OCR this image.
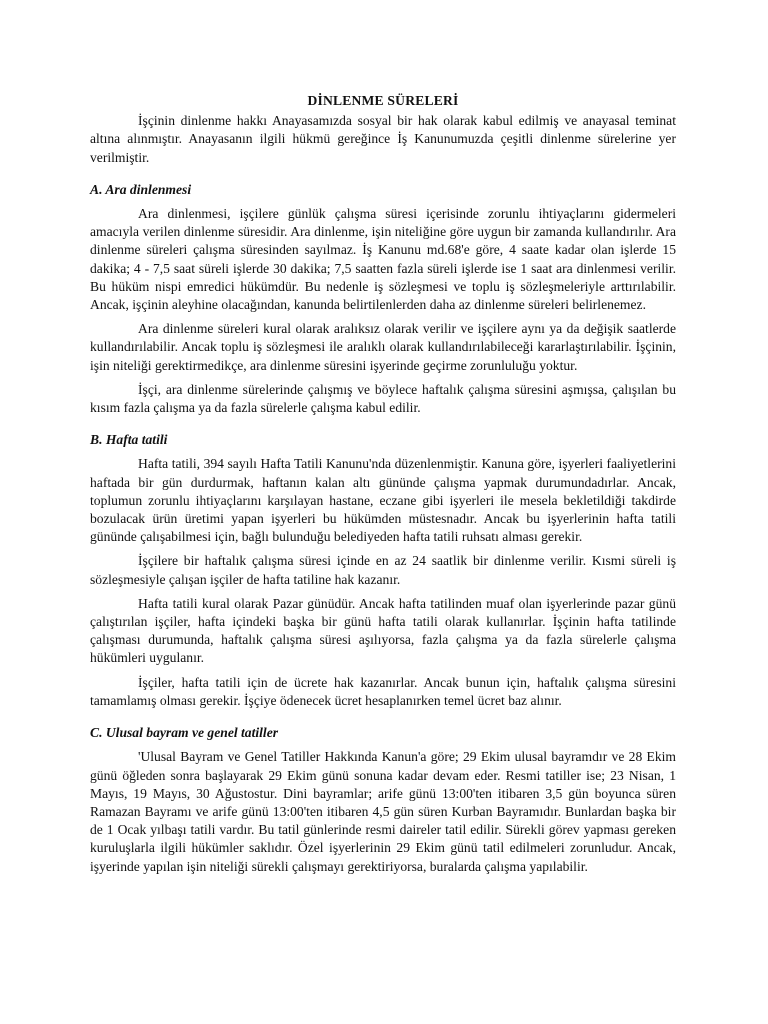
DİNLENME SÜRELERİ

İşçinin dinlenme hakkı Anayasamızda sosyal bir hak olarak kabul edilmiş ve anayasal teminat altına alınmıştır. Anayasanın ilgili hükmü gereğince İş Kanunumuzda çeşitli dinlenme sürelerine yer verilmiştir.

A. Ara dinlenmesi

Ara dinlenmesi, işçilere günlük çalışma süresi içerisinde zorunlu ihtiyaçlarını gidermeleri amacıyla verilen dinlenme süresidir. Ara dinlenme, işin niteliğine göre uygun bir zamanda kullandırılır. Ara dinlenme süreleri çalışma süresinden sayılmaz. İş Kanunu md.68'e göre, 4 saate kadar olan işlerde 15 dakika; 4 - 7,5 saat süreli işlerde 30 dakika; 7,5 saatten fazla süreli işlerde ise 1 saat ara dinlenmesi verilir. Bu hüküm nispi emredici hükümdür. Bu nedenle iş sözleşmesi ve toplu iş sözleşmeleriyle arttırılabilir. Ancak, işçinin aleyhine olacağından, kanunda belirtilenlerden daha az dinlenme süreleri belirlenemez.

Ara dinlenme süreleri kural olarak aralıksız olarak verilir ve işçilere aynı ya da değişik saatlerde kullandırılabilir. Ancak toplu iş sözleşmesi ile aralıklı olarak kullandırılabileceği kararlaştırılabilir. İşçinin, işin niteliği gerektirmedikçe, ara dinlenme süresini işyerinde geçirme zorunluluğu yoktur.

İşçi, ara dinlenme sürelerinde çalışmış ve böylece haftalık çalışma süresini aşmışsa, çalışılan bu kısım fazla çalışma ya da fazla sürelerle çalışma kabul edilir.

B. Hafta tatili

Hafta tatili, 394 sayılı Hafta Tatili Kanunu'nda düzenlenmiştir. Kanuna göre, işyerleri faaliyetlerini haftada bir gün durdurmak, haftanın kalan altı gününde çalışma yapmak durumundadırlar. Ancak, toplumun zorunlu ihtiyaçlarını karşılayan hastane, eczane gibi işyerleri ile mesela bekletildiği takdirde bozulacak ürün üretimi yapan işyerleri bu hükümden müstesnadır. Ancak bu işyerlerinin hafta tatili gününde çalışabilmesi için, bağlı bulunduğu belediyeden hafta tatili ruhsatı alması gerekir.

İşçilere bir haftalık çalışma süresi içinde en az 24 saatlik bir dinlenme verilir. Kısmi süreli iş sözleşmesiyle çalışan işçiler de hafta tatiline hak kazanır.

Hafta tatili kural olarak Pazar günüdür. Ancak hafta tatilinden muaf olan işyerlerinde pazar günü çalıştırılan işçiler, hafta içindeki başka bir günü hafta tatili olarak kullanırlar. İşçinin hafta tatilinde çalışması durumunda, haftalık çalışma süresi aşılıyorsa, fazla çalışma ya da fazla sürelerle çalışma hükümleri uygulanır.

İşçiler, hafta tatili için de ücrete hak kazanırlar. Ancak bunun için, haftalık çalışma süresini tamamlamış olması gerekir. İşçiye ödenecek ücret hesaplanırken temel ücret baz alınır.

C. Ulusal bayram ve genel tatiller

'Ulusal Bayram ve Genel Tatiller Hakkında Kanun'a göre; 29 Ekim ulusal bayramdır ve 28 Ekim günü öğleden sonra başlayarak 29 Ekim günü sonuna kadar devam eder. Resmi tatiller ise; 23 Nisan, 1 Mayıs, 19 Mayıs, 30 Ağustostur. Dini bayramlar; arife günü 13:00'ten itibaren 3,5 gün boyunca süren Ramazan Bayramı ve arife günü 13:00'ten itibaren 4,5 gün süren Kurban Bayramıdır. Bunlardan başka bir de 1 Ocak yılbaşı tatili vardır. Bu tatil günlerinde resmi daireler tatil edilir. Sürekli görev yapması gereken kuruluşlarla ilgili hükümler saklıdır. Özel işyerlerinin 29 Ekim günü tatil edilmeleri zorunludur. Ancak, işyerinde yapılan işin niteliği sürekli çalışmayı gerektiriyorsa, buralarda çalışma yapılabilir.
